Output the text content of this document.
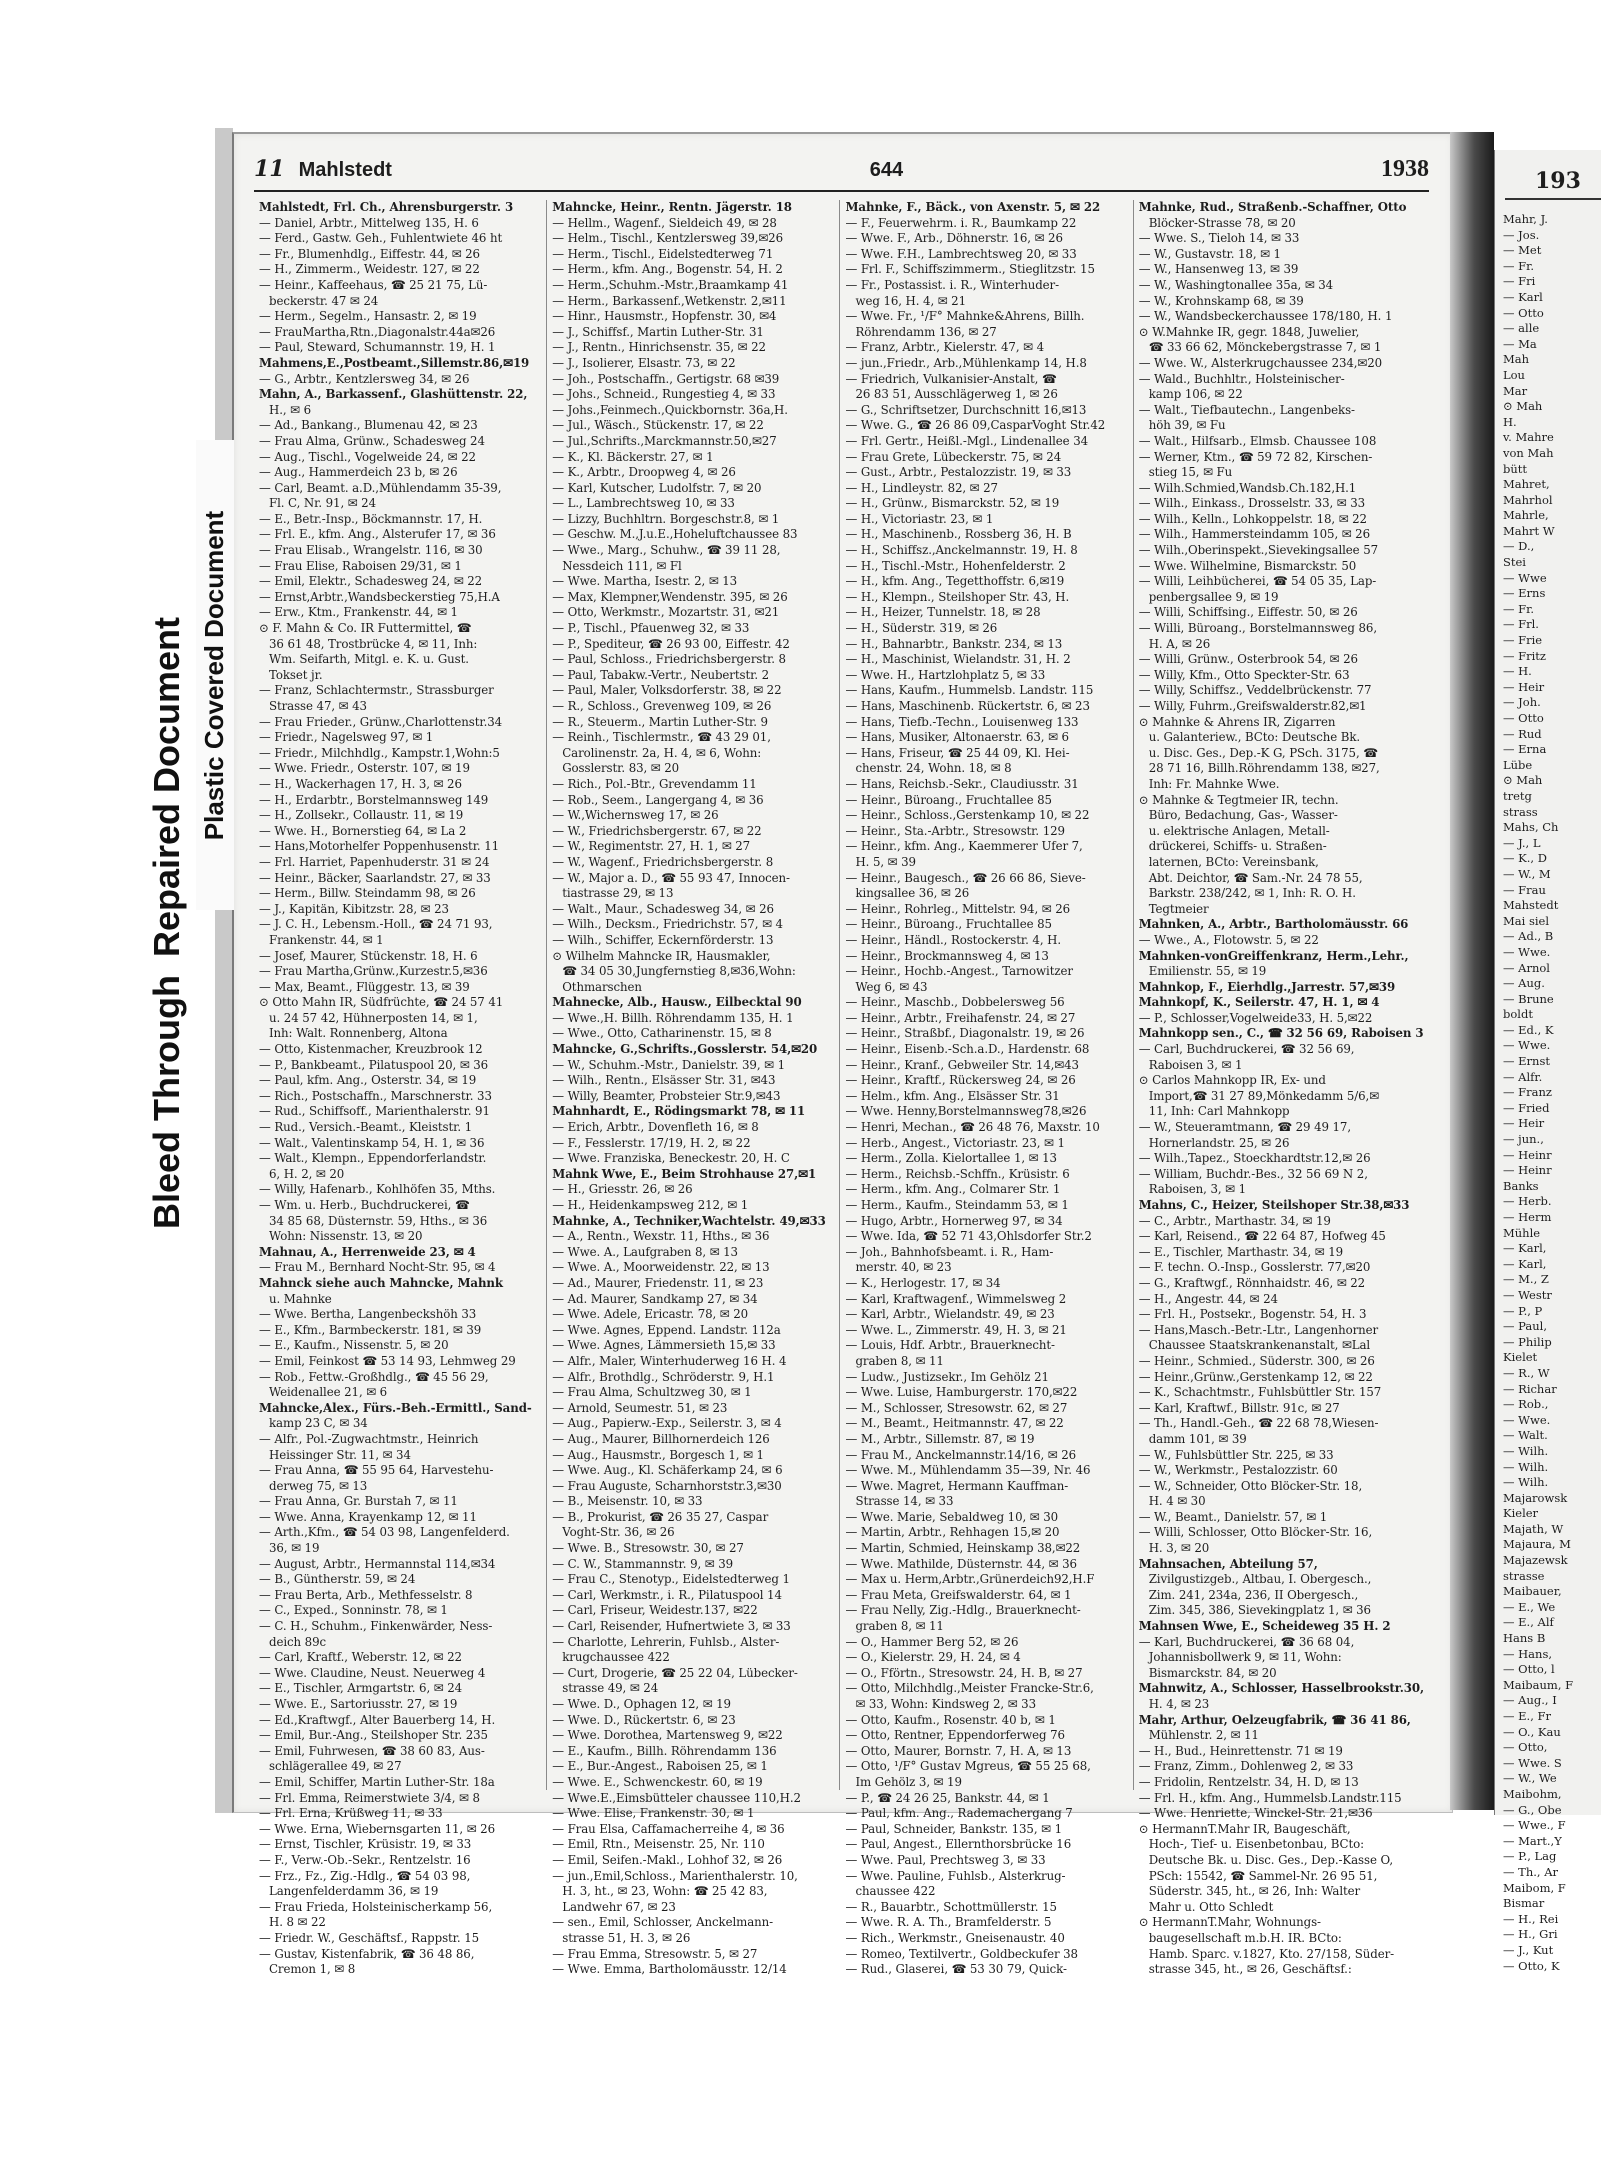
11 Mahlstedt	644	1938
Mahlstedt, Frl. Ch., Ahrensburgerstr. 3
— Daniel, Arbtr., Mittelweg 135, H. 6
— Ferd., Gastw. Geh., Fuhlentwiete 46 ht
— Fr., Blumenhdlg., Eiffestr. 44, ✉ 26
— H., Zimmerm., Weidestr. 127, ✉ 22
— Heinr., Kaffeehaus, ☎ 25 21 75, Lü-
beckerstr. 47 ✉ 24
— Herm., Segelm., Hansastr. 2, ✉ 19
— FrauMartha,Rtn.,Diagonalstr.44a✉26
— Paul, Steward, Schumannstr. 19, H. 1
Mahmens,E.,Postbeamt.,Sillemstr.86,✉19
— G., Arbtr., Kentzlersweg 34, ✉ 26
Mahn, A., Barkassenf., Glashüttenstr. 22,
H., ✉ 6
— Ad., Bankang., Blumenau 42, ✉ 23
— Frau Alma, Grünw., Schadesweg 24
— Aug., Tischl., Vogelweide 24, ✉ 22
— Aug., Hammerdeich 23 b, ✉ 26
— Carl, Beamt. a.D.,Mühlendamm 35-39,
Fl. C, Nr. 91, ✉ 24
— E., Betr.-Insp., Böckmannstr. 17, H.
— Frl. E., kfm. Ang., Alsterufer 17, ✉ 36
— Frau Elisab., Wrangelstr. 116, ✉ 30
— Frau Elise, Raboisen 29/31, ✉ 1
— Emil, Elektr., Schadesweg 24, ✉ 22
— Ernst,Arbtr.,Wandsbeckerstieg 75,H.A
— Erw., Ktm., Frankenstr. 44, ✉ 1
⊙ F. Mahn & Co. IR Futtermittel, ☎
36 61 48, Trostbrücke 4, ✉ 11, Inh:
Wm. Seifarth, Mitgl. e. K. u. Gust.
Tokset jr.
— Franz, Schlachtermstr., Strassburger
Strasse 47, ✉ 43
— Frau Frieder., Grünw.,Charlottenstr.34
— Friedr., Nagelsweg 97, ✉ 1
— Friedr., Milchhdlg., Kampstr.1,Wohn:5
— Wwe. Friedr., Osterstr. 107, ✉ 19
— H., Wackerhagen 17, H. 3, ✉ 26
— H., Erdarbtr., Borstelmannsweg 149
— H., Zollsekr., Collaustr. 11, ✉ 19
— Wwe. H., Bornerstieg 64, ✉ La 2
— Hans,Motorhelfer Poppenhusenstr. 11
— Frl. Harriet, Papenhuderstr. 31 ✉ 24
— Heinr., Bäcker, Saarlandstr. 27, ✉ 33
— Herm., Billw. Steindamm 98, ✉ 26
— J., Kapitän, Kibitzstr. 28, ✉ 23
— J. C. H., Lebensm.-Holl., ☎ 24 71 93,
Frankenstr. 44, ✉ 1
— Josef, Maurer, Stückenstr. 18, H. 6
— Frau Martha,Grünw.,Kurzestr.5,✉36
— Max, Beamt., Flüggestr. 13, ✉ 39
⊙ Otto Mahn IR, Südfrüchte, ☎ 24 57 41
u. 24 57 42, Hühnerposten 14, ✉ 1,
Inh: Walt. Ronnenberg, Altona
— Otto, Kistenmacher, Kreuzbrook 12
— P., Bankbeamt., Pilatuspool 20, ✉ 36
— Paul, kfm. Ang., Osterstr. 34, ✉ 19
— Rich., Postschaffn., Marschnerstr. 33
— Rud., Schiffsoff., Marienthalerstr. 91
— Rud., Versich.-Beamt., Kleiststr. 1
— Walt., Valentinskamp 54, H. 1, ✉ 36
— Walt., Klempn., Eppendorferlandstr.
6, H. 2, ✉ 20
— Willy, Hafenarb., Kohlhöfen 35, Mths.
— Wm. u. Herb., Buchdruckerei, ☎
34 85 68, Düsternstr. 59, Hths., ✉ 36
Wohn: Nissenstr. 13, ✉ 20
Mahnau, A., Herrenweide 23, ✉ 4
— Frau M., Bernhard Nocht-Str. 95, ✉ 4
Mahnck siehe auch Mahncke, Mahnk
u. Mahnke
— Wwe. Bertha, Langenbeckshöh 33
— E., Kfm., Barmbeckerstr. 181, ✉ 39
— E., Kaufm., Nissenstr. 5, ✉ 20
— Emil, Feinkost ☎ 53 14 93, Lehmweg 29
— Rob., Fettw.-Großhdlg., ☎ 45 56 29,
Weidenallee 21, ✉ 6
Mahncke,Alex., Fürs.-Beh.-Ermittl., Sand-
kamp 23 C, ✉ 34
— Alfr., Pol.-Zugwachtmstr., Heinrich
Heissinger Str. 11, ✉ 34
— Frau Anna, ☎ 55 95 64, Harvestehu-
derweg 75, ✉ 13
— Frau Anna, Gr. Burstah 7, ✉ 11
— Wwe. Anna, Krayenkamp 12, ✉ 11
— Arth.,Kfm., ☎ 54 03 98, Langenfelderd.
36, ✉ 19
— August, Arbtr., Hermannstal 114,✉34
— B., Güntherstr. 59, ✉ 24
— Frau Berta, Arb., Methfesselstr. 8
— C., Exped., Sonninstr. 78, ✉ 1
— C. H., Schuhm., Finkenwärder, Ness-
deich 89c
— Carl, Kraftf., Weberstr. 12, ✉ 22
— Wwe. Claudine, Neust. Neuerweg 4
— E., Tischler, Armgartstr. 6, ✉ 24
— Wwe. E., Sartoriusstr. 27, ✉ 19
— Ed.,Kraftwgf., Alter Bauerberg 14, H.
— Emil, Bur.-Ang., Steilshoper Str. 235
— Emil, Fuhrwesen, ☎ 38 60 83, Aus-
schlägerallee 49, ✉ 27
— Emil, Schiffer, Martin Luther-Str. 18a
— Frl. Emma, Reimerstwiete 3/4, ✉ 8
— Frl. Erna, Krüßweg 11, ✉ 33
— Wwe. Erna, Wiebernsgarten 11, ✉ 26
— Ernst, Tischler, Krüsistr. 19, ✉ 33
— F., Verw.-Ob.-Sekr., Rentzelstr. 16
— Frz., Fz., Zig.-Hdlg., ☎ 54 03 98,
Langenfelderdamm 36, ✉ 19
— Frau Frieda, Holsteinischerkamp 56,
H. 8 ✉ 22
— Friedr. W., Geschäftsf., Rappstr. 15
— Gustav, Kistenfabrik, ☎ 36 48 86,
Cremon 1, ✉ 8
Mahncke, Heinr., Rentn. Jägerstr. 18
— Hellm., Wagenf., Sieldeich 49, ✉ 28
— Helm., Tischl., Kentzlersweg 39,✉26
— Herm., Tischl., Eidelstedterweg 71
— Herm., kfm. Ang., Bogenstr. 54, H. 2
— Herm.,Schuhm.-Mstr.,Braamkamp 41
— Herm., Barkassenf.,Wetkenstr. 2,✉11
— Hinr., Hausmstr., Hopfenstr. 30, ✉4
— J., Schiffsf., Martin Luther-Str. 31
— J., Rentn., Hinrichsenstr. 35, ✉ 22
— J., Isolierer, Elsastr. 73, ✉ 22
— Joh., Postschaffn., Gertigstr. 68 ✉39
— Johs., Schneid., Rungestieg 4, ✉ 33
— Johs.,Feinmech.,Quickbornstr. 36a,H.
— Jul., Wäsch., Stückenstr. 17, ✉ 22
— Jul.,Schrifts.,Marckmannstr.50,✉27
— K., Kl. Bäckerstr. 27, ✉ 1
— K., Arbtr., Droopweg 4, ✉ 26
— Karl, Kutscher, Ludolfstr. 7, ✉ 20
— L., Lambrechtsweg 10, ✉ 33
— Lizzy, Buchhltrn. Borgeschstr.8, ✉ 1
— Geschw. M.,J.u.E.,Hoheluftchaussee 83
— Wwe., Marg., Schuhw., ☎ 39 11 28,
Nessdeich 111, ✉ Fl
— Wwe. Martha, Isestr. 2, ✉ 13
— Max, Klempner,Wendenstr. 395, ✉ 26
— Otto, Werkmstr., Mozartstr. 31, ✉21
— P., Tischl., Pfauenweg 32, ✉ 33
— P., Spediteur, ☎ 26 93 00, Eiffestr. 42
— Paul, Schloss., Friedrichsbergerstr. 8
— Paul, Tabakw.-Vertr., Neubertstr. 2
— Paul, Maler, Volksdorferstr. 38, ✉ 22
— R., Schloss., Grevenweg 109, ✉ 26
— R., Steuerm., Martin Luther-Str. 9
— Reinh., Tischlermstr., ☎ 43 29 01,
Carolinenstr. 2a, H. 4, ✉ 6, Wohn:
Gosslerstr. 83, ✉ 20
— Rich., Pol.-Btr., Grevendamm 11
— Rob., Seem., Langergang 4, ✉ 36
— W.,Wichernsweg 17, ✉ 26
— W., Friedrichsbergerstr. 67, ✉ 22
— W., Regimentstr. 27, H. 1, ✉ 27
— W., Wagenf., Friedrichsbergerstr. 8
— W., Major a. D., ☎ 55 93 47, Innocen-
tiastrasse 29, ✉ 13
— Walt., Maur., Schadesweg 34, ✉ 26
— Wilh., Decksm., Friedrichstr. 57, ✉ 4
— Wilh., Schiffer, Eckernförderstr. 13
⊙ Wilhelm Mahncke IR, Hausmakler,
☎ 34 05 30,Jungfernstieg 8,✉36,Wohn:
Othmarschen
Mahnecke, Alb., Hausw., Eilbecktal 90
— Wwe.,H. Billh. Röhrendamm 135, H. 1
— Wwe., Otto, Catharinenstr. 15, ✉ 8
Mahncke, G.,Schrifts.,Gosslerstr. 54,✉20
— W., Schuhm.-Mstr., Danielstr. 39, ✉ 1
— Wilh., Rentn., Elsässer Str. 31, ✉43
— Willy, Beamter, Probsteier Str.9,✉43
Mahnhardt, E., Rödingsmarkt 78, ✉ 11
— Erich, Arbtr., Dovenfleth 16, ✉ 8
— F., Fesslerstr. 17/19, H. 2, ✉ 22
— Wwe. Franziska, Beneckestr. 20, H. C
Mahnk Wwe, E., Beim Strohhause 27,✉1
— H., Griesstr. 26, ✉ 26
— H., Heidenkampsweg 212, ✉ 1
Mahnke, A., Techniker,Wachtelstr. 49,✉33
— A., Rentn., Wexstr. 11, Hths., ✉ 36
— Wwe. A., Laufgraben 8, ✉ 13
— Wwe. A., Moorweidenstr. 22, ✉ 13
— Ad., Maurer, Friedenstr. 11, ✉ 23
— Ad. Maurer, Sandkamp 27, ✉ 34
— Wwe. Adele, Ericastr. 78, ✉ 20
— Wwe. Agnes, Eppend. Landstr. 112a
— Wwe. Agnes, Lämmersieth 15,✉ 33
— Alfr., Maler, Winterhuderweg 16 H. 4
— Alfr., Brothdlg., Schröderstr. 9, H.1
— Frau Alma, Schultzweg 30, ✉ 1
— Arnold, Seumestr. 51, ✉ 23
— Aug., Papierw.-Exp., Seilerstr. 3, ✉ 4
— Aug., Maurer, Billhornerdeich 126
— Aug., Hausmstr., Borgesch 1, ✉ 1
— Wwe. Aug., Kl. Schäferkamp 24, ✉ 6
— Frau Auguste, Scharnhorststr.3,✉30
— B., Meisenstr. 10, ✉ 33
— B., Prokurist, ☎ 26 35 27, Caspar
Voght-Str. 36, ✉ 26
— Wwe. B., Stresowstr. 30, ✉ 27
— C. W., Stammannstr. 9, ✉ 39
— Frau C., Stenotyp., Eidelstedterweg 1
— Carl, Werkmstr., i. R., Pilatuspool 14
— Carl, Friseur, Weidestr.137, ✉22
— Carl, Reisender, Hufnertwiete 3, ✉ 33
— Charlotte, Lehrerin, Fuhlsb., Alster-
krugchaussee 422
— Curt, Drogerie, ☎ 25 22 04, Lübecker-
strasse 49, ✉ 24
— Wwe. D., Ophagen 12, ✉ 19
— Wwe. D., Rückertstr. 6, ✉ 23
— Wwe. Dorothea, Martensweg 9, ✉22
— E., Kaufm., Billh. Röhrendamm 136
— E., Bur.-Angest., Raboisen 25, ✉ 1
— Wwe. E., Schwenckestr. 60, ✉ 19
— Wwe.E.,Eimsbütteler chaussee 110,H.2
— Wwe. Elise, Frankenstr. 30, ✉ 1
— Frau Elsa, Caffamacherreihe 4, ✉ 36
— Emil, Rtn., Meisenstr. 25, Nr. 110
— Emil, Seifen.-Makl., Lohhof 32, ✉ 26
— jun.,Emil,Schloss., Marienthalerstr. 10,
H. 3, ht., ✉ 23, Wohn: ☎ 25 42 83,
Landwehr 67, ✉ 23
— sen., Emil, Schlosser, Anckelmann-
strasse 51, H. 3, ✉ 26
— Frau Emma, Stresowstr. 5, ✉ 27
— Wwe. Emma, Bartholomäusstr. 12/14
Mahnke, F., Bäck., von Axenstr. 5, ✉ 22
— F., Feuerwehrm. i. R., Baumkamp 22
— Wwe. F., Arb., Döhnerstr. 16, ✉ 26
— Wwe. F.H., Lambrechtsweg 20, ✉ 33
— Frl. F., Schiffszimmerm., Stieglitzstr. 15
— Fr., Postassist. i. R., Winterhuder-
weg 16, H. 4, ✉ 21
— Wwe. Fr., ¹/F° Mahnke&Ahrens, Billh.
Röhrendamm 136, ✉ 27
— Franz, Arbtr., Kielerstr. 47, ✉ 4
— jun.,Friedr., Arb.,Mühlenkamp 14, H.8
— Friedrich, Vulkanisier-Anstalt, ☎
26 83 51, Ausschlägerweg 1, ✉ 26
— G., Schriftsetzer, Durchschnitt 16,✉13
— Wwe. G., ☎ 26 86 09,CasparVoght Str.42
— Frl. Gertr., Heißl.-Mgl., Lindenallee 34
— Frau Grete, Lübeckerstr. 75, ✉ 24
— Gust., Arbtr., Pestalozzistr. 19, ✉ 33
— H., Lindleystr. 82, ✉ 27
— H., Grünw., Bismarckstr. 52, ✉ 19
— H., Victoriastr. 23, ✉ 1
— H., Maschinenb., Rossberg 36, H. B
— H., Schiffsz.,Anckelmannstr. 19, H. 8
— H., Tischl.-Mstr., Hohenfelderstr. 2
— H., kfm. Ang., Tegetthoffstr. 6,✉19
— H., Klempn., Steilshoper Str. 43, H.
— H., Heizer, Tunnelstr. 18, ✉ 28
— H., Süderstr. 319, ✉ 26
— H., Bahnarbtr., Bankstr. 234, ✉ 13
— H., Maschinist, Wielandstr. 31, H. 2
— Wwe. H., Hartzlohplatz 5, ✉ 33
— Hans, Kaufm., Hummelsb. Landstr. 115
— Hans, Maschinenb. Rückertstr. 6, ✉ 23
— Hans, Tiefb.-Techn., Louisenweg 133
— Hans, Musiker, Altonaerstr. 63, ✉ 6
— Hans, Friseur, ☎ 25 44 09, Kl. Hei-
chenstr. 24, Wohn. 18, ✉ 8
— Hans, Reichsb.-Sekr., Claudiusstr. 31
— Heinr., Büroang., Fruchtallee 85
— Heinr., Schloss.,Gerstenkamp 10, ✉ 22
— Heinr., Sta.-Arbtr., Stresowstr. 129
— Heinr., kfm. Ang., Kaemmerer Ufer 7,
H. 5, ✉ 39
— Heinr., Baugesch., ☎ 26 66 86, Sieve-
kingsallee 36, ✉ 26
— Heinr., Rohrleg., Mittelstr. 94, ✉ 26
— Heinr., Büroang., Fruchtallee 85
— Heinr., Händl., Rostockerstr. 4, H.
— Heinr., Brockmannsweg 4, ✉ 13
— Heinr., Hochb.-Angest., Tarnowitzer
Weg 6, ✉ 43
— Heinr., Maschb., Dobbelersweg 56
— Heinr., Arbtr., Freihafenstr. 24, ✉ 27
— Heinr., Straßbf., Diagonalstr. 19, ✉ 26
— Heinr., Eisenb.-Sch.a.D., Hardenstr. 68
— Heinr., Kranf., Gebweiler Str. 14,✉43
— Heinr., Kraftf., Rückersweg 24, ✉ 26
— Helm., kfm. Ang., Elsässer Str. 31
— Wwe. Henny,Borstelmannsweg78,✉26
— Henri, Mechan., ☎ 26 48 76, Maxstr. 10
— Herb., Angest., Victoriastr. 23, ✉ 1
— Herm., Zolla. Kielortallee 1, ✉ 13
— Herm., Reichsb.-Schffn., Krüsistr. 6
— Herm., kfm. Ang., Colmarer Str. 1
— Herm., Kaufm., Steindamm 53, ✉ 1
— Hugo, Arbtr., Hornerweg 97, ✉ 34
— Wwe. Ida, ☎ 52 71 43,Ohlsdorfer Str.2
— Joh., Bahnhofsbeamt. i. R., Ham-
merstr. 40, ✉ 23
— K., Herlogestr. 17, ✉ 34
— Karl, Kraftwagenf., Wimmelsweg 2
— Karl, Arbtr., Wielandstr. 49, ✉ 23
— Wwe. L., Zimmerstr. 49, H. 3, ✉ 21
— Louis, Hdf. Arbtr., Brauerknecht-
graben 8, ✉ 11
— Ludw., Justizsekr., Im Gehölz 21
— Wwe. Luise, Hamburgerstr. 170,✉22
— M., Schlosser, Stresowstr. 62, ✉ 27
— M., Beamt., Heitmannstr. 47, ✉ 22
— M., Arbtr., Sillemstr. 87, ✉ 19
— Frau M., Anckelmannstr.14/16, ✉ 26
— Wwe. M., Mühlendamm 35—39, Nr. 46
— Wwe. Magret, Hermann Kauffman-
Strasse 14, ✉ 33
— Wwe. Marie, Sebaldweg 10, ✉ 30
— Martin, Arbtr., Rehhagen 15,✉ 20
— Martin, Schmied, Heinskamp 38,✉22
— Wwe. Mathilde, Düsternstr. 44, ✉ 36
— Max u. Herm,Arbtr.,Grünerdeich92,H.F
— Frau Meta, Greifswalderstr. 64, ✉ 1
— Frau Nelly, Zig.-Hdlg., Brauerknecht-
graben 8, ✉ 11
— O., Hammer Berg 52, ✉ 26
— O., Kielerstr. 29, H. 24, ✉ 4
— O., Fförtn., Stresowstr. 24, H. B, ✉ 27
— Otto, Milchhdlg.,Meister Francke-Str.6,
✉ 33, Wohn: Kindsweg 2, ✉ 33
— Otto, Kaufm., Rosenstr. 40 b, ✉ 1
— Otto, Rentner, Eppendorferweg 76
— Otto, Maurer, Bornstr. 7, H. A, ✉ 13
— Otto, ¹/F° Gustav Mgreus, ☎ 55 25 68,
Im Gehölz 3, ✉ 19
— P., ☎ 24 26 25, Bankstr. 44, ✉ 1
— Paul, kfm. Ang., Rademachergang 7
— Paul, Schneider, Bankstr. 135, ✉ 1
— Paul, Angest., Ellernthorsbrücke 16
— Wwe. Paul, Prechtsweg 3, ✉ 33
— Wwe. Pauline, Fuhlsb., Alsterkrug-
chaussee 422
— R., Bauarbtr., Schottmüllerstr. 15
— Wwe. R. A. Th., Bramfelderstr. 5
— Rich., Werkmstr., Gneisenaustr. 40
— Romeo, Textilvertr., Goldbeckufer 38
— Rud., Glaserei, ☎ 53 30 79, Quick-
Mahnke, Rud., Straßenb.-Schaffner, Otto
Blöcker-Strasse 78, ✉ 20
— Wwe. S., Tieloh 14, ✉ 33
— W., Gustavstr. 18, ✉ 1
— W., Hansenweg 13, ✉ 39
— W., Washingtonallee 35a, ✉ 34
— W., Krohnskamp 68, ✉ 39
— W., Wandsbeckerchaussee 178/180, H. 1
⊙ W.Mahnke IR, gegr. 1848, Juwelier,
☎ 33 66 62, Mönckebergstrasse 7, ✉ 1
— Wwe. W., Alsterkrugchaussee 234,✉20
— Wald., Buchhltr., Holsteinischer-
kamp 106, ✉ 22
— Walt., Tiefbautechn., Langenbeks-
höh 39, ✉ Fu
— Walt., Hilfsarb., Elmsb. Chaussee 108
— Werner, Ktm., ☎ 59 72 82, Kirschen-
stieg 15, ✉ Fu
— Wilh.Schmied,Wandsb.Ch.182,H.1
— Wilh., Einkass., Drosselstr. 33, ✉ 33
— Wilh., Kelln., Lohkoppelstr. 18, ✉ 22
— Wilh., Hammersteindamm 105, ✉ 26
— Wilh.,Oberinspekt.,Sievekingsallee 57
— Wwe. Wilhelmine, Bismarckstr. 50
— Willi, Leihbücherei, ☎ 54 05 35, Lap-
penbergsallee 9, ✉ 19
— Willi, Schiffsing., Eiffestr. 50, ✉ 26
— Willi, Büroang., Borstelmannsweg 86,
H. A, ✉ 26
— Willi, Grünw., Osterbrook 54, ✉ 26
— Willy, Kfm., Otto Speckter-Str. 63
— Willy, Schiffsz., Veddelbrückenstr. 77
— Willy, Fuhrm.,Greifswalderstr.82,✉1
⊙ Mahnke & Ahrens IR, Zigarren
u. Galanteriew., BCto: Deutsche Bk.
u. Disc. Ges., Dep.-K G, PSch. 3175, ☎
28 71 16, Billh.Röhrendamm 138, ✉27,
Inh: Fr. Mahnke Wwe.
⊙ Mahnke & Tegtmeier IR, techn.
Büro, Bedachung, Gas-, Wasser-
u. elektrische Anlagen, Metall-
drückerei, Schiffs- u. Straßen-
laternen, BCto: Vereinsbank,
Abt. Deichtor, ☎ Sam.-Nr. 24 78 55,
Barkstr. 238/242, ✉ 1, Inh: R. O. H.
Tegtmeier
Mahnken, A., Arbtr., Bartholomäusstr. 66
— Wwe., A., Flotowstr. 5, ✉ 22
Mahnken-vonGreiffenkranz, Herm.,Lehr.,
Emilienstr. 55, ✉ 19
Mahnkop, F., Eierhdlg.,Jarrestr. 57,✉39
Mahnkopf, K., Seilerstr. 47, H. 1, ✉ 4
— P., Schlosser,Vogelweide33, H. 5,✉22
Mahnkopp sen., C., ☎ 32 56 69, Raboisen 3
— Carl, Buchdruckerei, ☎ 32 56 69,
Raboisen 3, ✉ 1
⊙ Carlos Mahnkopp IR, Ex- und
Import,☎ 31 27 89,Mönkedamm 5/6,✉
11, Inh: Carl Mahnkopp
— W., Steueramtmann, ☎ 29 49 17,
Hornerlandstr. 25, ✉ 26
— Wilh.,Tapez., Stoeckhardtstr.12,✉ 26
— William, Buchdr.-Bes., 32 56 69 N 2,
Raboisen, 3, ✉ 1
Mahns, C., Heizer, Steilshoper Str.38,✉33
— C., Arbtr., Marthastr. 34, ✉ 19
— Karl, Reisend., ☎ 22 64 87, Hofweg 45
— E., Tischler, Marthastr. 34, ✉ 19
— F. techn. O.-Insp., Gosslerstr. 77,✉20
— G., Kraftwgf., Rönnhaidstr. 46, ✉ 22
— H., Angestr. 44, ✉ 24
— Frl. H., Postsekr., Bogenstr. 54, H. 3
— Hans,Masch.-Betr.-Ltr., Langenhorner
Chaussee Staatskrankenanstalt, ✉Lal
— Heinr., Schmied., Süderstr. 300, ✉ 26
— Heinr.,Grünw.,Gerstenkamp 12, ✉ 22
— K., Schachtmstr., Fuhlsbüttler Str. 157
— Karl, Kraftwf., Billstr. 91c, ✉ 27
— Th., Handl.-Geh., ☎ 22 68 78,Wiesen-
damm 101, ✉ 39
— W., Fuhlsbüttler Str. 225, ✉ 33
— W., Werkmstr., Pestalozzistr. 60
— W., Schneider, Otto Blöcker-Str. 18,
H. 4 ✉ 30
— W., Beamt., Danielstr. 57, ✉ 1
— Willi, Schlosser, Otto Blöcker-Str. 16,
H. 3, ✉ 20
Mahnsachen, Abteilung 57,
Zivilgustizgeb., Altbau, I. Obergesch.,
Zim. 241, 234a, 236, II Obergesch.,
Zim. 345, 386, Sievekingplatz 1, ✉ 36
Mahnsen Wwe, E., Scheideweg 35 H. 2
— Karl, Buchdruckerei, ☎ 36 68 04,
Johannisbollwerk 9, ✉ 11, Wohn:
Bismarckstr. 84, ✉ 20
Mahnwitz, A., Schlosser, Hasselbrookstr.30,
H. 4, ✉ 23
Mahr, Arthur, Oelzeugfabrik, ☎ 36 41 86,
Mühlenstr. 2, ✉ 11
— H., Bud., Heinrettenstr. 71 ✉ 19
— Franz, Zimm., Dohlenweg 2, ✉ 33
— Fridolin, Rentzelstr. 34, H. D, ✉ 13
— Frl. H., kfm. Ang., Hummelsb.Landstr.115
— Wwe. Henriette, Winckel-Str. 21,✉36
⊙ HermannT.Mahr IR, Baugeschäft,
Hoch-, Tief- u. Eisenbetonbau, BCto:
Deutsche Bk. u. Disc. Ges., Dep.-Kasse O,
PSch: 15542, ☎ Sammel-Nr. 26 95 51,
Süderstr. 345, ht., ✉ 26, Inh: Walter
Mahr u. Otto Schledt
⊙ HermannT.Mahr, Wohnungs-
baugesellschaft m.b.H. IR. BCto:
Hamb. Sparc. v.1827, Kto. 27/158, Süder-
strasse 345, ht., ✉ 26, Geschäftsf.:
193
Mahr, J.
— Jos.
— Met
— Fr.
— Fri
— Karl
— Otto
— alle
— Ma
Mah
Lou
Mar
⊙ Mah
H.
v. Mahre
von Mah
bütt
Mahret,
Mahrhol
Mahrle,
Mahrt W
— D.,
Stei
— Wwe
— Erns
— Fr.
— Frl.
— Frie
— Fritz
— H.
— Heir
— Joh.
— Otto
— Rud
— Erna
Lübe
⊙ Mah
tretg
strass
Mahs, Ch
— J., L
— K., D
— W., M
— Frau
Mahstedt
Mai siel
— Ad., B
— Wwe.
— Arnol
— Aug.
— Brune
boldt
— Ed., K
— Wwe.
— Ernst
— Alfr.
— Franz
— Fried
— Heir
— jun.,
— Heinr
— Heinr
Banks
— Herb.
— Herm
Mühle
— Karl,
— Karl,
— M., Z
— Westr
— P., P
— Paul,
— Philip
Kielet
— R., W
— Richar
— Rob.,
— Wwe.
— Walt.
— Wilh.
— Wilh.
— Wilh.
Majarowsk
Kieler
Majath, W
Majaura, M
Majazewsk
strasse
Maibauer,
— E., We
— E., Alf
Hans B
— Hans,
— Otto, l
Maibaum, F
— Aug., I
— E., Fr
— O., Kau
— Otto,
— Wwe. S
— W., We
Maibohm,
— G., Obe
— Wwe., F
— Mart.,Y
— P., Lag
— Th., Ar
Maibom, F
Bismar
— H., Rei
— H., Gri
— J., Kut
— Otto, K
Bleed ThroughRepaired Document Plastic Covered Document
